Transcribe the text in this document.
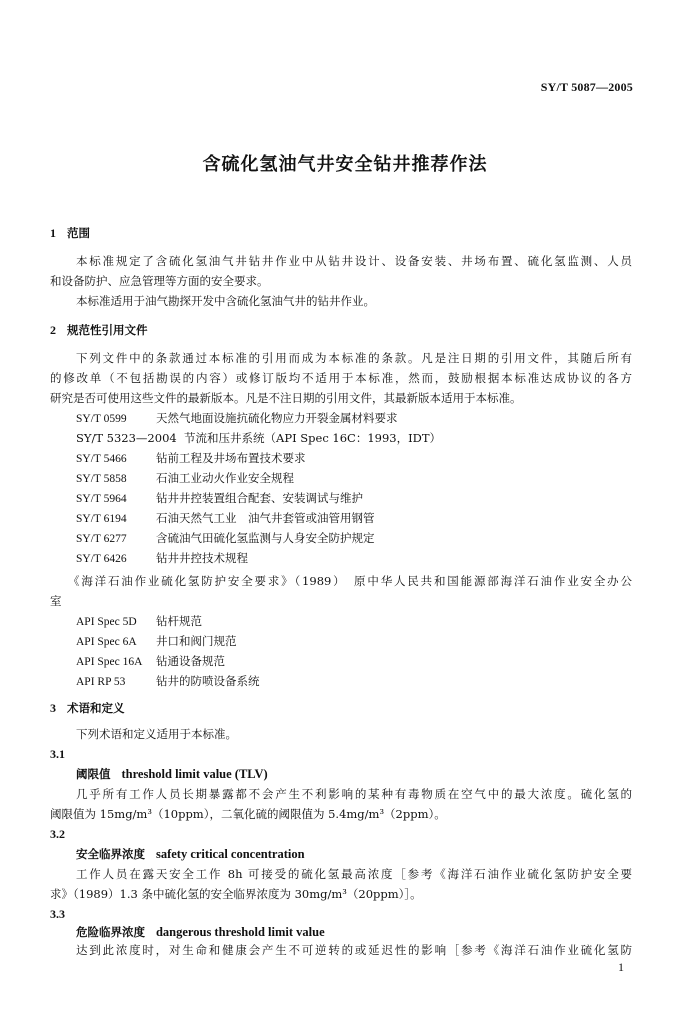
SY/T 5087—2005
含硫化氢油气井安全钻井推荐作法
1 范围
本标准规定了含硫化氢油气井钻井作业中从钻井设计、设备安装、井场布置、硫化氢监测、人员
和设备防护、应急管理等方面的安全要求。
本标准适用于油气勘探开发中含硫化氢油气井的钻井作业。
2 规范性引用文件
下列文件中的条款通过本标准的引用而成为本标准的条款。凡是注日期的引用文件，其随后所有
的修改单（不包括勘误的内容）或修订版均不适用于本标准，然而，鼓励根据本标准达成协议的各方
研究是否可使用这些文件的最新版本。凡是不注日期的引用文件，其最新版本适用于本标准。
SY/T 0599	天然气地面设施抗硫化物应力开裂金属材料要求
SY/T 5323—2004 节流和压井系统（API Spec 16C：1993，IDT）
SY/T 5466	钻前工程及井场布置技术要求
SY/T 5858	石油工业动火作业安全规程
SY/T 5964	钻井井控装置组合配套、安装调试与维护
SY/T 6194	石油天然气工业　油气井套管或油管用钢管
SY/T 6277	含硫油气田硫化氢监测与人身安全防护规定
SY/T 6426	钻井井控技术规程
《海洋石油作业硫化氢防护安全要求》（1989）　原中华人民共和国能源部海洋石油作业安全办公
室
API Spec 5D 钻杆规范
API Spec 6A 井口和阀门规范
API Spec 16A 钻通设备规范
API RP 53	钻井的防喷设备系统
3 术语和定义
下列术语和定义适用于本标准。
3.1
阈限值 threshold limit value (TLV)
几乎所有工作人员长期暴露都不会产生不利影响的某种有毒物质在空气中的最大浓度。硫化氢的
阈限值为 15mg/m³（10ppm），二氧化硫的阈限值为 5.4mg/m³（2ppm）。
3.2
安全临界浓度 safety critical concentration
工作人员在露天安全工作 8h 可接受的硫化氢最高浓度［参考《海洋石油作业硫化氢防护安全要
求》（1989）1.3 条中硫化氢的安全临界浓度为 30mg/m³（20ppm）］。
3.3
危险临界浓度 dangerous threshold limit value
达到此浓度时，对生命和健康会产生不可逆转的或延迟性的影响［参考《海洋石油作业硫化氢防
1
